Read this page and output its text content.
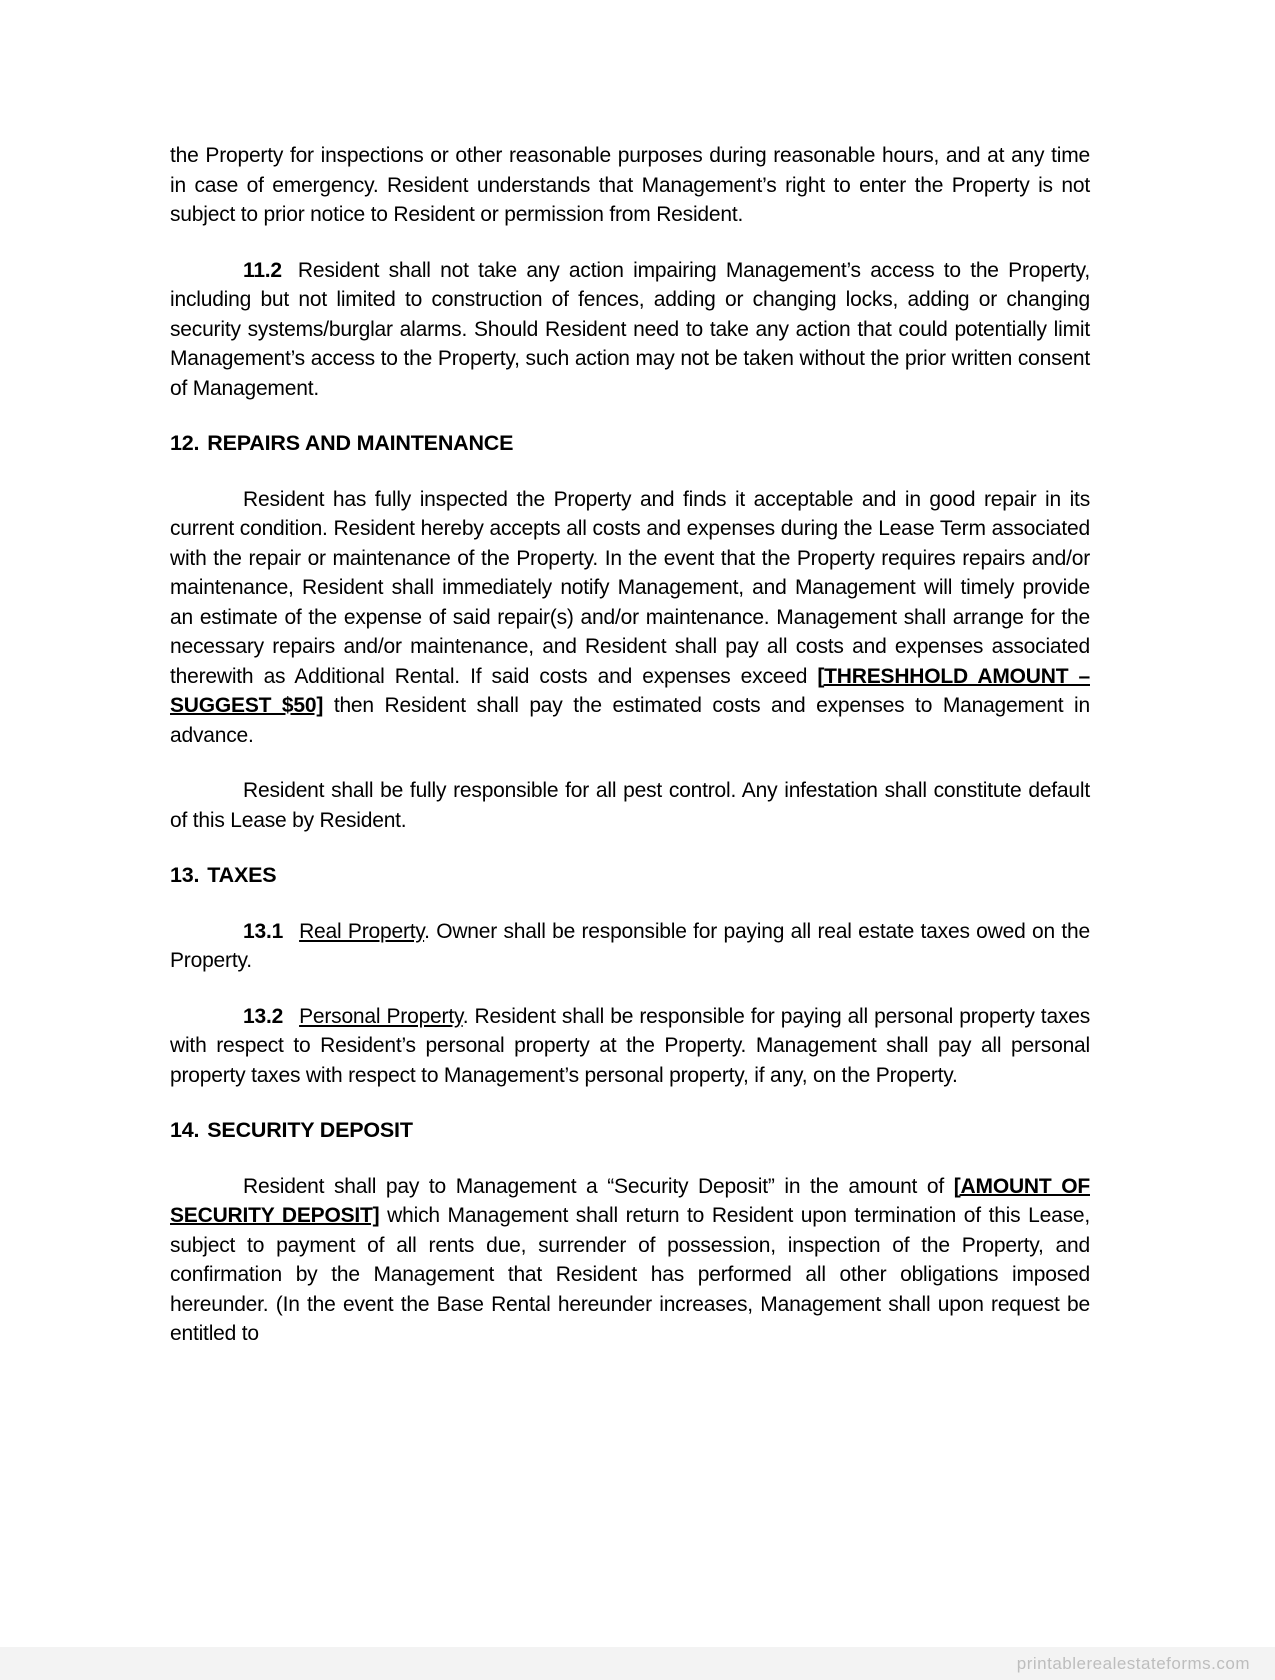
the Property for inspections or other reasonable purposes during reasonable hours, and at any time in case of emergency. Resident understands that Management’s right to enter the Property is not subject to prior notice to Resident or permission from Resident.

11.2 Resident shall not take any action impairing Management’s access to the Property, including but not limited to construction of fences, adding or changing locks, adding or changing security systems/burglar alarms. Should Resident need to take any action that could potentially limit Management’s access to the Property, such action may not be taken without the prior written consent of Management.

12. REPAIRS AND MAINTENANCE

Resident has fully inspected the Property and finds it acceptable and in good repair in its current condition. Resident hereby accepts all costs and expenses during the Lease Term associated with the repair or maintenance of the Property. In the event that the Property requires repairs and/or maintenance, Resident shall immediately notify Management, and Management will timely provide an estimate of the expense of said repair(s) and/or maintenance. Management shall arrange for the necessary repairs and/or maintenance, and Resident shall pay all costs and expenses associated therewith as Additional Rental. If said costs and expenses exceed [THRESHHOLD AMOUNT – SUGGEST $50] then Resident shall pay the estimated costs and expenses to Management in advance.

Resident shall be fully responsible for all pest control. Any infestation shall constitute default of this Lease by Resident.

13. TAXES

13.1 Real Property. Owner shall be responsible for paying all real estate taxes owed on the Property.

13.2 Personal Property. Resident shall be responsible for paying all personal property taxes with respect to Resident’s personal property at the Property. Management shall pay all personal property taxes with respect to Management’s personal property, if any, on the Property.

14. SECURITY DEPOSIT

Resident shall pay to Management a “Security Deposit” in the amount of [AMOUNT OF SECURITY DEPOSIT] which Management shall return to Resident upon termination of this Lease, subject to payment of all rents due, surrender of possession, inspection of the Property, and confirmation by the Management that Resident has performed all other obligations imposed hereunder. (In the event the Base Rental hereunder increases, Management shall upon request be entitled to

printablerealestateforms.com
